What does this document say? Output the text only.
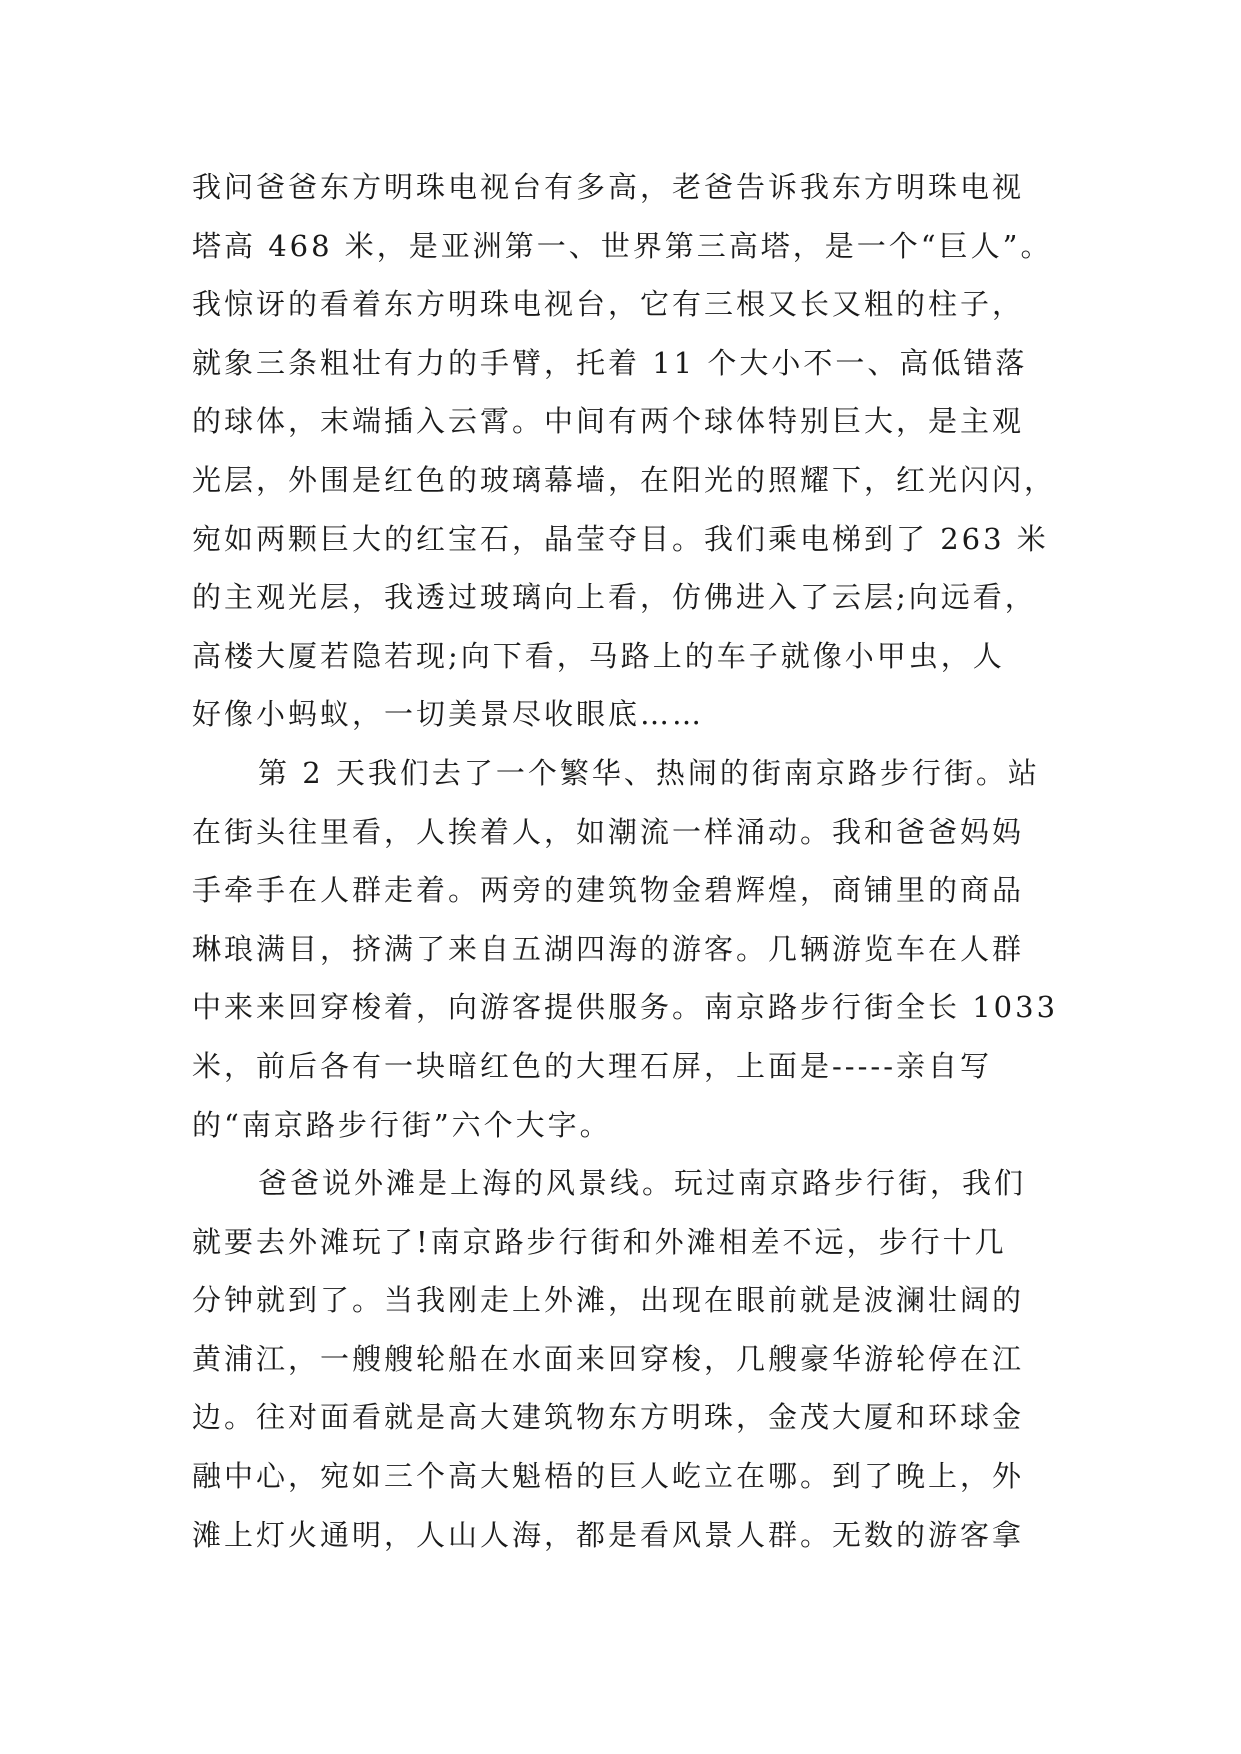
我问爸爸东方明珠电视台有多高，老爸告诉我东方明珠电视
塔高 468 米，是亚洲第一、世界第三高塔，是一个“巨人”。
我惊讶的看着东方明珠电视台，它有三根又长又粗的柱子，
就象三条粗壮有力的手臂，托着 11 个大小不一、高低错落
的球体，末端插入云霄。中间有两个球体特别巨大，是主观
光层，外围是红色的玻璃幕墙，在阳光的照耀下，红光闪闪，
宛如两颗巨大的红宝石，晶莹夺目。我们乘电梯到了 263 米
的主观光层，我透过玻璃向上看，仿佛进入了云层;向远看，
高楼大厦若隐若现;向下看，马路上的车子就像小甲虫，人
好像小蚂蚁，一切美景尽收眼底……

第 2 天我们去了一个繁华、热闹的街南京路步行街。站
在街头往里看，人挨着人，如潮流一样涌动。我和爸爸妈妈
手牵手在人群走着。两旁的建筑物金碧辉煌，商铺里的商品
琳琅满目，挤满了来自五湖四海的游客。几辆游览车在人群
中来来回穿梭着，向游客提供服务。南京路步行街全长 1033
米，前后各有一块暗红色的大理石屏，上面是-----亲自写
的“南京路步行街”六个大字。

爸爸说外滩是上海的风景线。玩过南京路步行街，我们
就要去外滩玩了!南京路步行街和外滩相差不远，步行十几
分钟就到了。当我刚走上外滩，出现在眼前就是波澜壮阔的
黄浦江，一艘艘轮船在水面来回穿梭，几艘豪华游轮停在江
边。往对面看就是高大建筑物东方明珠，金茂大厦和环球金
融中心，宛如三个高大魁梧的巨人屹立在哪。到了晚上，外
滩上灯火通明，人山人海，都是看风景人群。无数的游客拿
